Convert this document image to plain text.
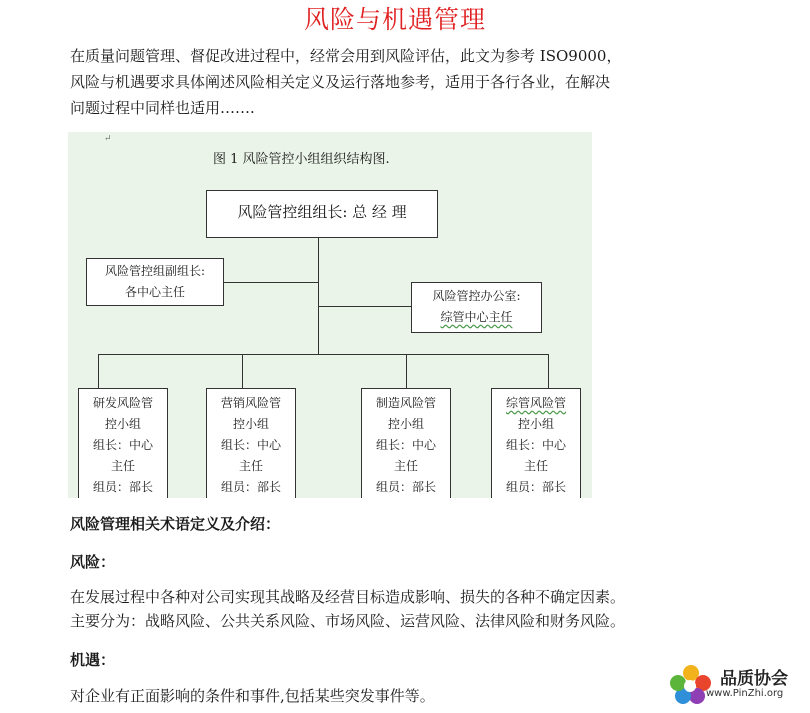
风险与机遇管理
在质量问题管理、督促改进过程中，经常会用到风险评估，此文为参考 ISO9000，
风险与机遇要求具体阐述风险相关定义及运行落地参考，适用于各行各业，在解决
问题过程中同样也适用…….
↵
图 1 风险管控小组组织结构图.
风险管控组组长: 总 经 理
风险管控组副组长:
各中心主任	风险管控办公室:
综管中心主任
研发风险管
控小组
组长：中心
主任
组员：部长
营销风险管
控小组
组长：中心
主任
组员：部长
制造风险管
控小组
组长：中心
主任
组员：部长
综管风险管
控小组
组长：中心
主任
组员：部长
风险管理相关术语定义及介绍：
风险：
在发展过程中各种对公司实现其战略及经营目标造成影响、损失的各种不确定因素。
主要分为：战略风险、公共关系风险、市场风险、运营风险、法律风险和财务风险。
机遇：
对企业有正面影响的条件和事件,包括某些突发事件等。
品质协会
www.PinZhi.org
